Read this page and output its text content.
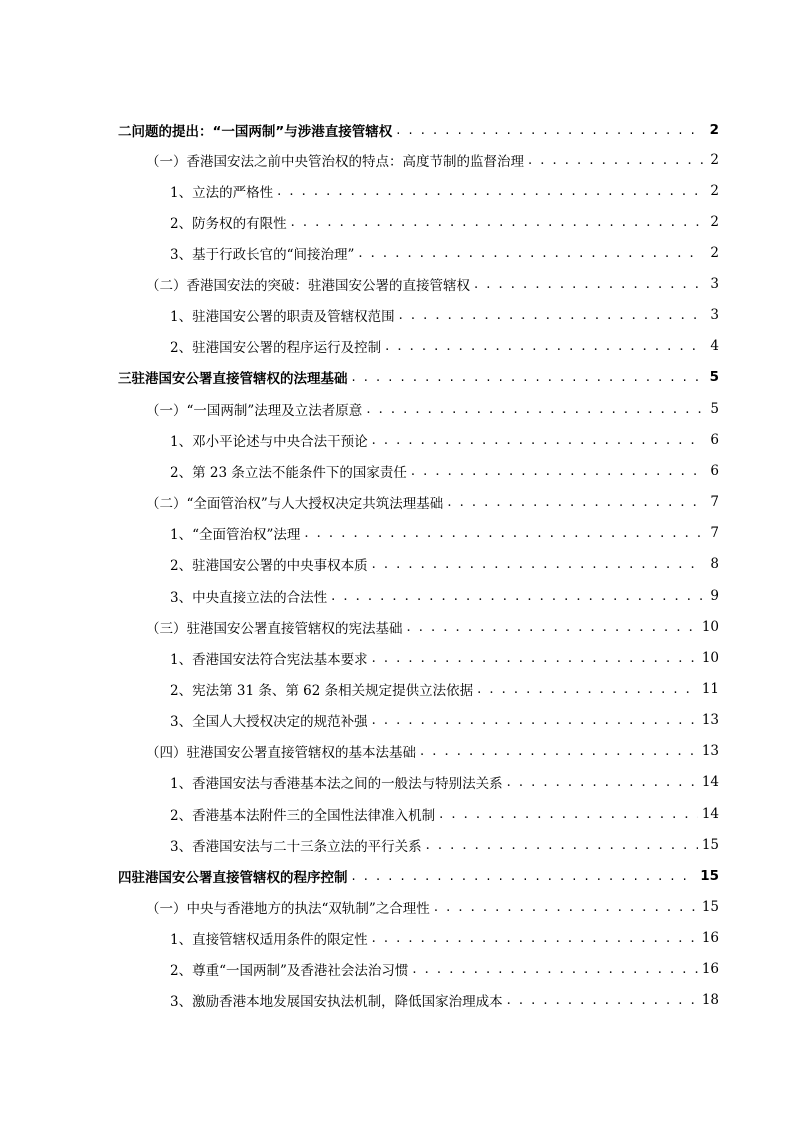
二 问题的提出：“一国两制”与涉港直接管辖权 . . .	2
（一）香港国安法之前中央管治权的特点：高度节制的监督治理 . . .	2
1、立法的严格性 . . .	2
2、防务权的有限性 . . .	2
3、基于行政长官的“间接治理” . . .	2
（二）香港国安法的突破：驻港国安公署的直接管辖权 . . .	3
1、驻港国安公署的职责及管辖权范围 . . .	3
2、驻港国安公署的程序运行及控制 . . .	4
三 驻港国安公署直接管辖权的法理基础 . . .	5
（一）“一国两制”法理及立法者原意 . . .	5
1、邓小平论述与中央合法干预论 . . .	6
2、第 23 条立法不能条件下的国家责任 . . .	6
（二）“全面管治权”与人大授权决定共筑法理基础 . . .	7
1、“全面管治权”法理 . . .	7
2、驻港国安公署的中央事权本质 . . .	8
3、中央直接立法的合法性 . . .	9
（三）驻港国安公署直接管辖权的宪法基础 . . .	10
1、香港国安法符合宪法基本要求 . . .	10
2、宪法第 31 条、第 62 条相关规定提供立法依据 . . .	11
3、全国人大授权决定的规范补强 . . .	13
（四）驻港国安公署直接管辖权的基本法基础 . . .	13
1、香港国安法与香港基本法之间的一般法与特别法关系 . . .	14
2、香港基本法附件三的全国性法律准入机制 . . .	14
3、香港国安法与二十三条立法的平行关系 . . .	15
四 驻港国安公署直接管辖权的程序控制 . . .	15
（一）中央与香港地方的执法“双轨制”之合理性 . . .	15
1、直接管辖权适用条件的限定性 . . .	16
2、尊重“一国两制”及香港社会法治习惯 . . .	16
3、激励香港本地发展国安执法机制，降低国家治理成本 . . .	18
